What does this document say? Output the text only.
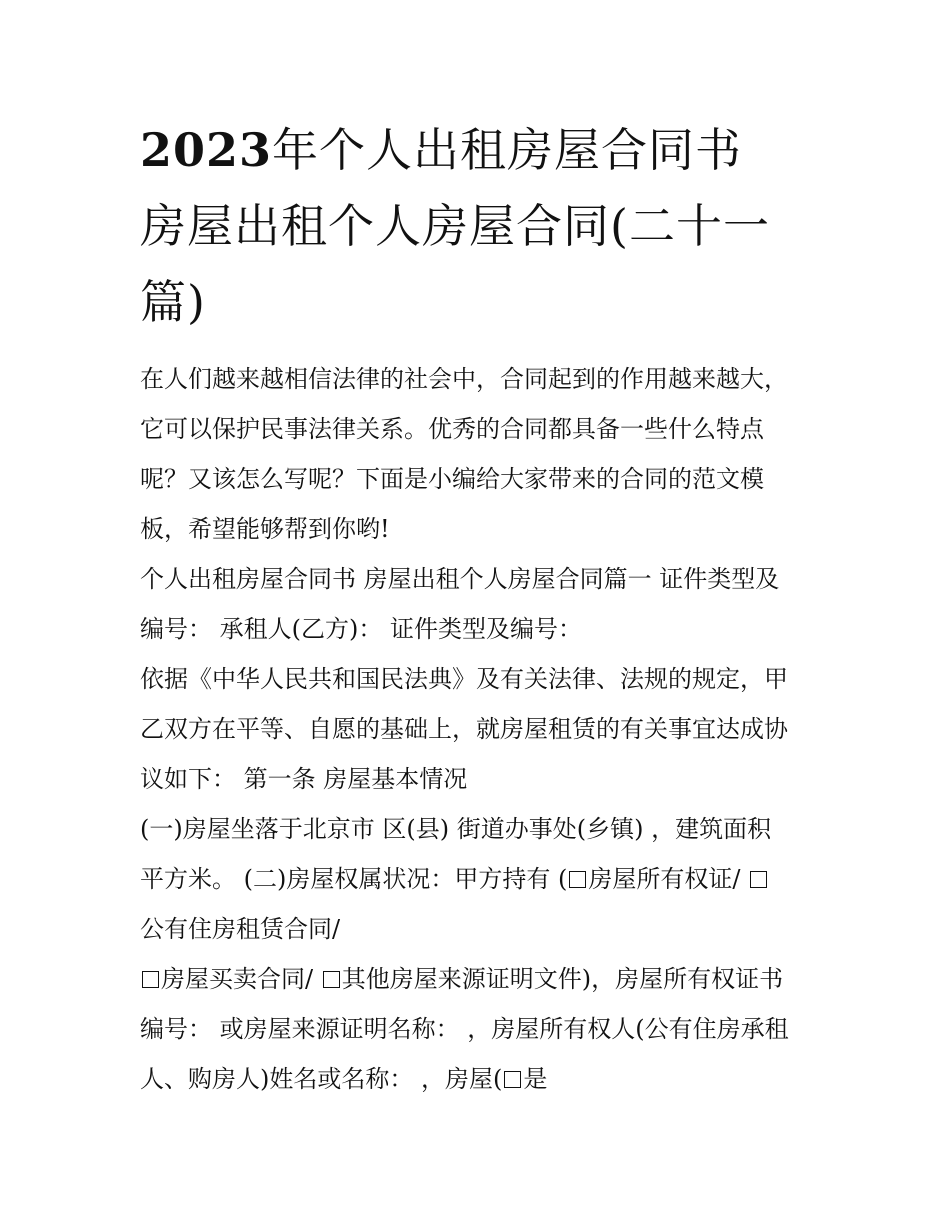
2023年个人出租房屋合同书
房屋出租个人房屋合同(二十一
篇)

在人们越来越相信法律的社会中，合同起到的作用越来越大，
它可以保护民事法律关系。优秀的合同都具备一些什么特点
呢？又该怎么写呢？下面是小编给大家带来的合同的范文模
板，希望能够帮到你哟!

个人出租房屋合同书 房屋出租个人房屋合同篇一 证件类型及
编号： 承租人(乙方)： 证件类型及编号：

依据《中华人民共和国民法典》及有关法律、法规的规定，甲
乙双方在平等、自愿的基础上，就房屋租赁的有关事宜达成协
议如下： 第一条 房屋基本情况

(一)房屋坐落于北京市 区(县) 街道办事处(乡镇) ，建筑面积
平方米。 (二)房屋权属状况：甲方持有 ( 房屋所有权证/
公有住房租赁合同/

房屋买卖合同/ 其他房屋来源证明文件)，房屋所有权证书
编号： 或房屋来源证明名称： ，房屋所有权人(公有住房承租
人、购房人)姓名或名称： ，房屋( 是
